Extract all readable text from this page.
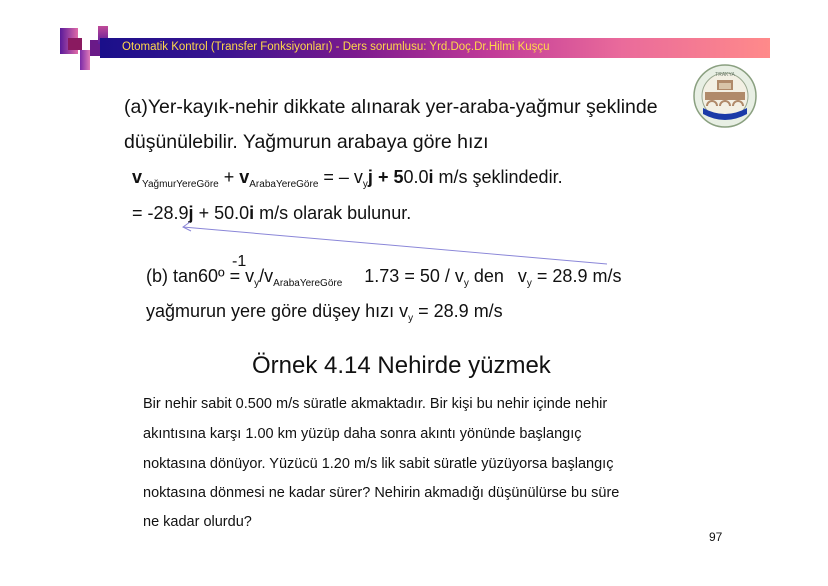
Otomatik Kontrol (Transfer Fonksiyonları) - Ders sorumlusu: Yrd.Doç.Dr.Hilmi Kuşçu
TRAKYA
(a)Yer-kayık-nehir dikkate alınarak yer-araba-yağmur şeklinde
düşünülebilir. Yağmurun arabaya göre hızı
$v_{YağmurYereGöre} + v_{ArabaYereGöre}$ = – $v_yj + 50.0i$ m/s şeklindedir.
= -28.9j + 50.0i m/s olarak bulunur.
-1
(b) tan60º = $v_y/v_{ArabaYereGöre}$ $1.73 = 50 / v_y$ den $v_y = 28.9$ m/s
yağmurun yere göre düşey hızı $v_y = 28.9$ m/s
Örnek 4.14 Nehirde yüzmek
Bir nehir sabit 0.500 m/s süratle akmaktadır. Bir kişi bu nehir içinde nehir
akıntısına karşı 1.00 km yüzüp daha sonra akıntı yönünde başlangıç
noktasına dönüyor. Yüzücü 1.20 m/s lik sabit süratle yüzüyorsa başlangıç
noktasına dönmesi ne kadar sürer? Nehirin akmadığı düşünülürse bu süre
ne kadar olurdu?
97
